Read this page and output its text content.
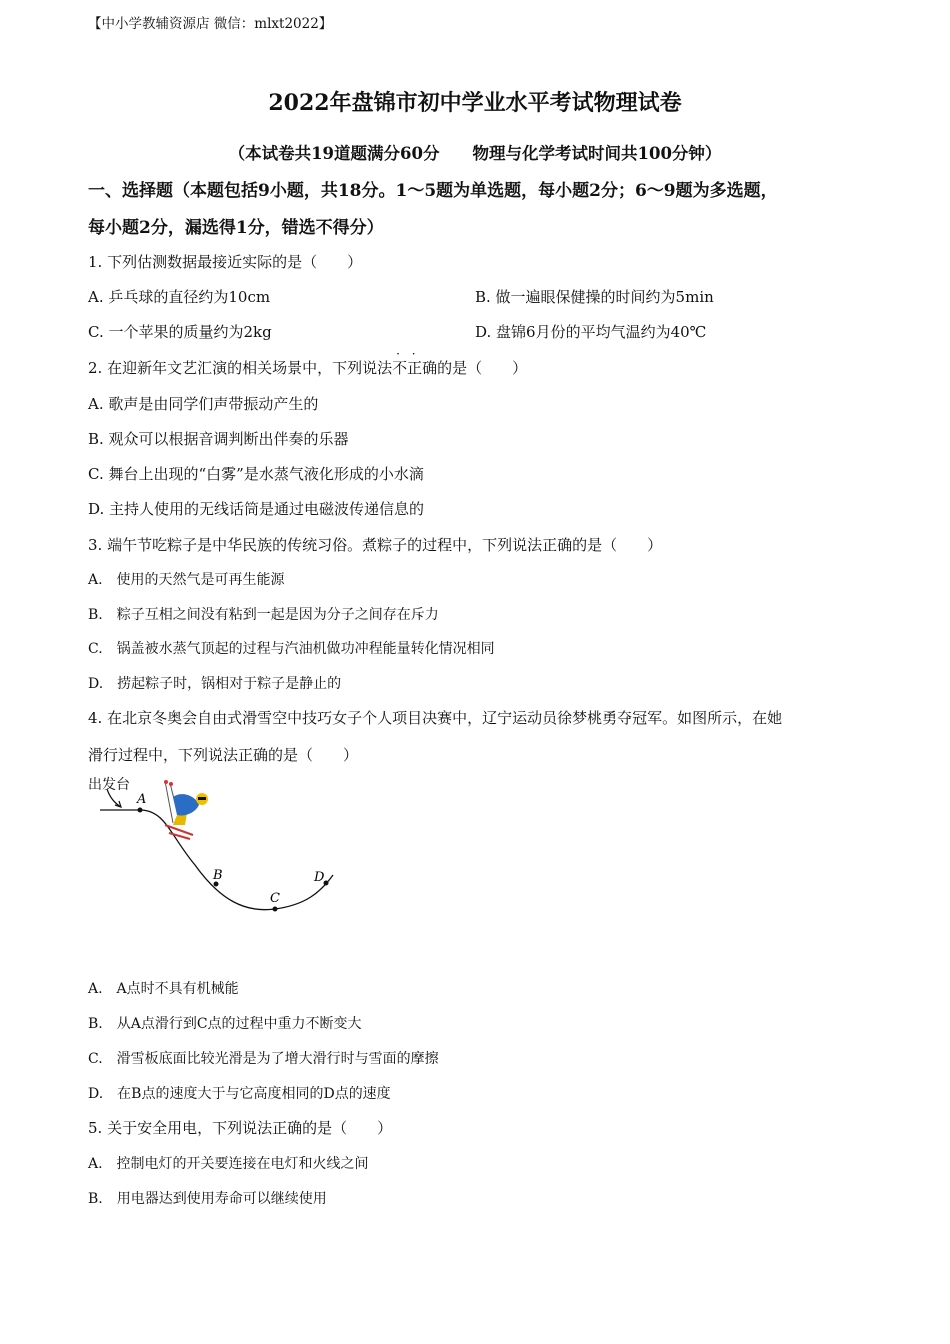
【中小学教辅资源店 微信：mlxt2022】
2022年盘锦市初中学业水平考试物理试卷
（本试卷共19道题满分60分　　物理与化学考试时间共100分钟）
一、选择题（本题包括9小题，共18分。1～5题为单选题，每小题2分；6～9题为多选题，
每小题2分，漏选得1分，错选不得分）
1. 下列估测数据最接近实际的是（　　）
A. 乒乓球的直径约为10cm	B. 做一遍眼保健操的时间约为5min
C. 一个苹果的质量约为2kg	D. 盘锦6月份的平均气温约为40℃
2. 在迎新年文艺汇演的相关场景中，下列说法不正 · ·确的是（　　）
A. 歌声是由同学们声带振动产生的
B. 观众可以根据音调判断出伴奏的乐器
C. 舞台上出现的“白雾”是水蒸气液化形成的小水滴
D. 主持人使用的无线话筒是通过电磁波传递信息的
3. 端午节吃粽子是中华民族的传统习俗。煮粽子的过程中，下列说法正确的是（　　）
A.　使用的天然气是可再生能源
B.　粽子互相之间没有粘到一起是因为分子之间存在斥力
C.　锅盖被水蒸气顶起的过程与汽油机做功冲程能量转化情况相同
D.　捞起粽子时，锅相对于粽子是静止的
4. 在北京冬奥会自由式滑雪空中技巧女子个人项目决赛中，辽宁运动员徐梦桃勇夺冠军。如图所示，在她
滑行过程中，下列说法正确的是（　　）
出发台
A
B
C
D
A.　A点时不具有机械能
B.　从A点滑行到C点的过程中重力不断变大
C.　滑雪板底面比较光滑是为了增大滑行时与雪面的摩擦
D.　在B点的速度大于与它高度相同的D点的速度
5. 关于安全用电，下列说法正确的是（　　）
A.　控制电灯的开关要连接在电灯和火线之间
B.　用电器达到使用寿命可以继续使用
